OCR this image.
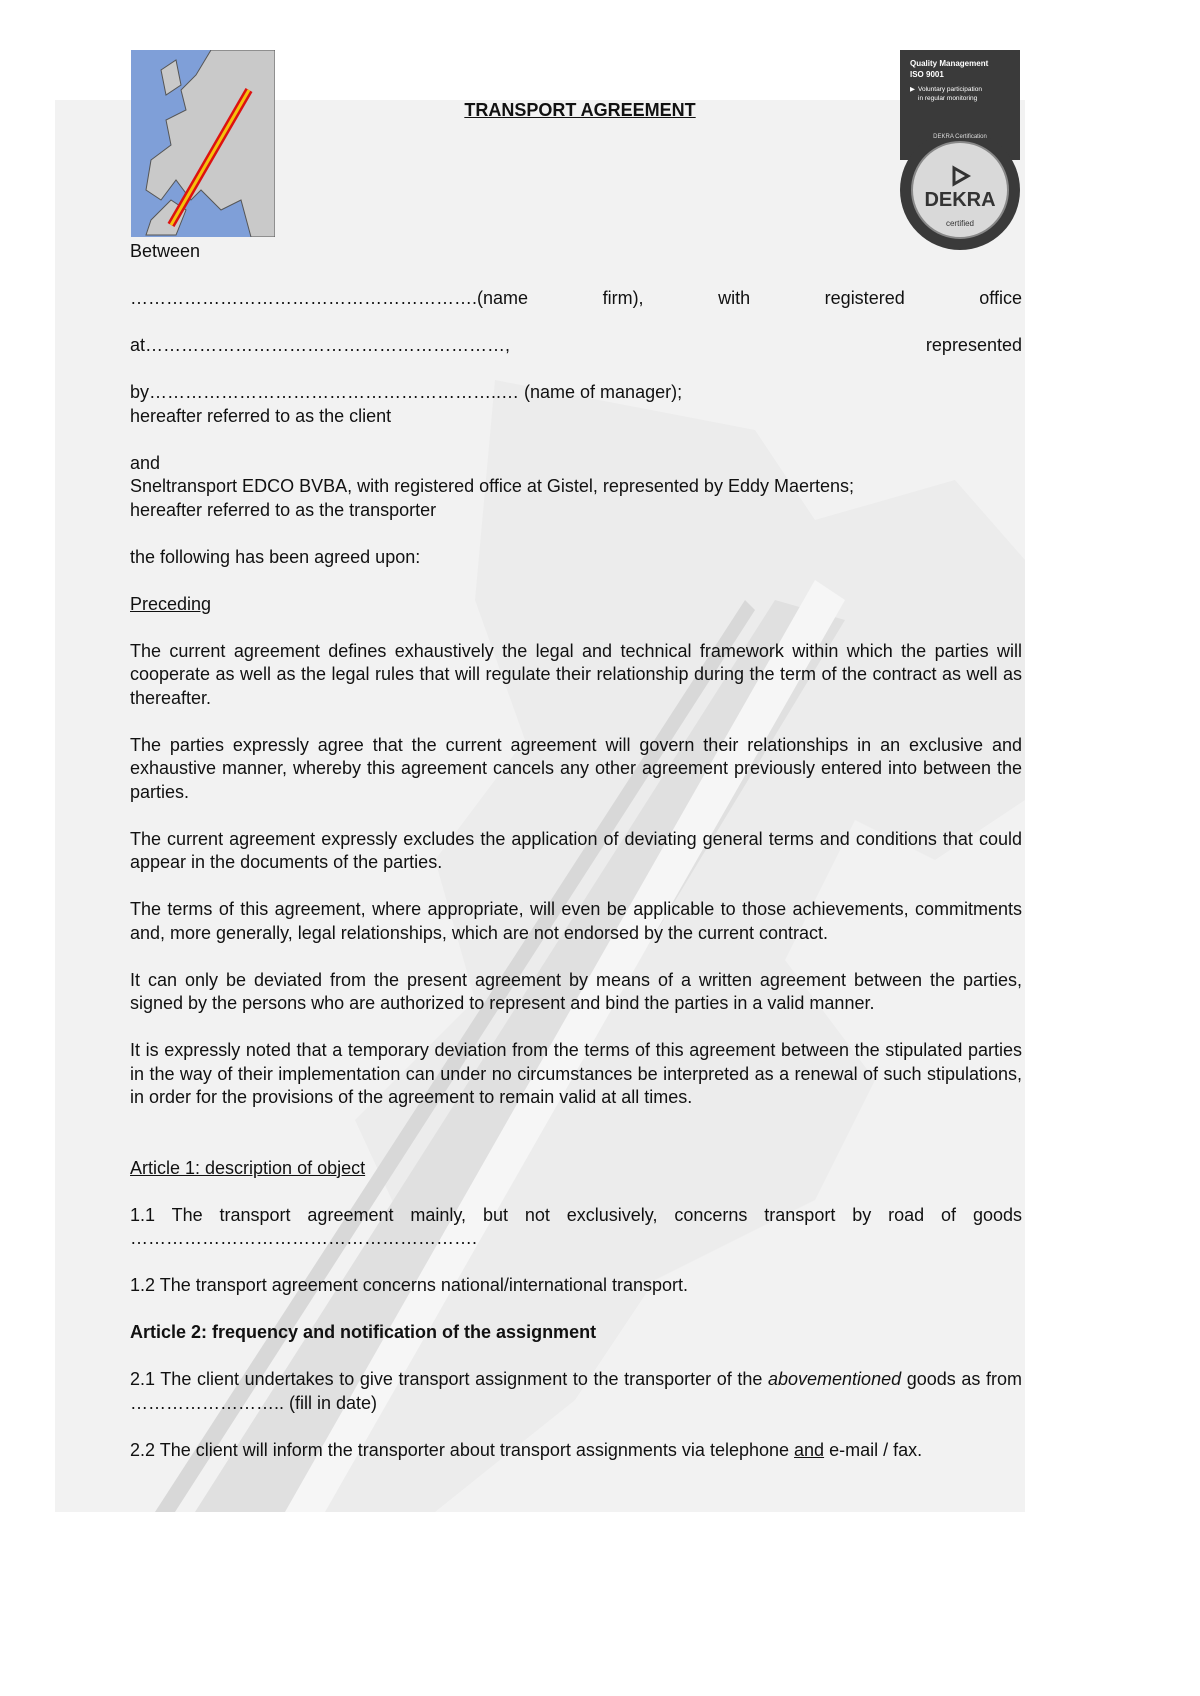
Quality Management
ISO 9001
▶ Voluntary participation
in regular monitoring
DEKRA Certification
DEKRA
certified
TRANSPORT AGREEMENT

Between

………………………………………………….(name	firm),	with	registered	office

at……………………………………………………,	represented

by…………………………………………………..… (name of manager);

hereafter referred to as the client

and

Sneltransport EDCO BVBA, with registered office at Gistel, represented by Eddy Maertens;

hereafter referred to as the transporter

the following has been agreed upon:

Preceding

The current agreement defines exhaustively the legal and technical framework within which the parties will cooperate as well as the legal rules that will regulate their relationship during the term of the contract as well as thereafter.

The parties expressly agree that the current agreement will govern their relationships in an exclusive and exhaustive manner, whereby this agreement cancels any other agreement previously entered into between the parties.

The current agreement expressly excludes the application of deviating general terms and conditions that could appear in the documents of the parties.

The terms of this agreement, where appropriate, will even be applicable to those achievements, commitments and, more generally, legal relationships, which are not endorsed by the current contract.

It can only be deviated from the present agreement by means of a written agreement between the parties, signed by the persons who are authorized to represent and bind the parties in a valid manner.

It is expressly noted that a temporary deviation from the terms of this agreement between the stipulated parties in the way of their implementation can under no circumstances be interpreted as a renewal of such stipulations, in order for the provisions of the agreement to remain valid at all times.

Article 1: description of object

1.1 The transport agreement mainly, but not exclusively, concerns transport by road of goods ………………………………………………….

1.2 The transport agreement concerns national/international transport.

Article 2: frequency and notification of the assignment

2.1 The client undertakes to give transport assignment to the transporter of the abovementioned goods as from …………………….. (fill in date)

2.2 The client will inform the transporter about transport assignments via telephone and e-mail / fax.
